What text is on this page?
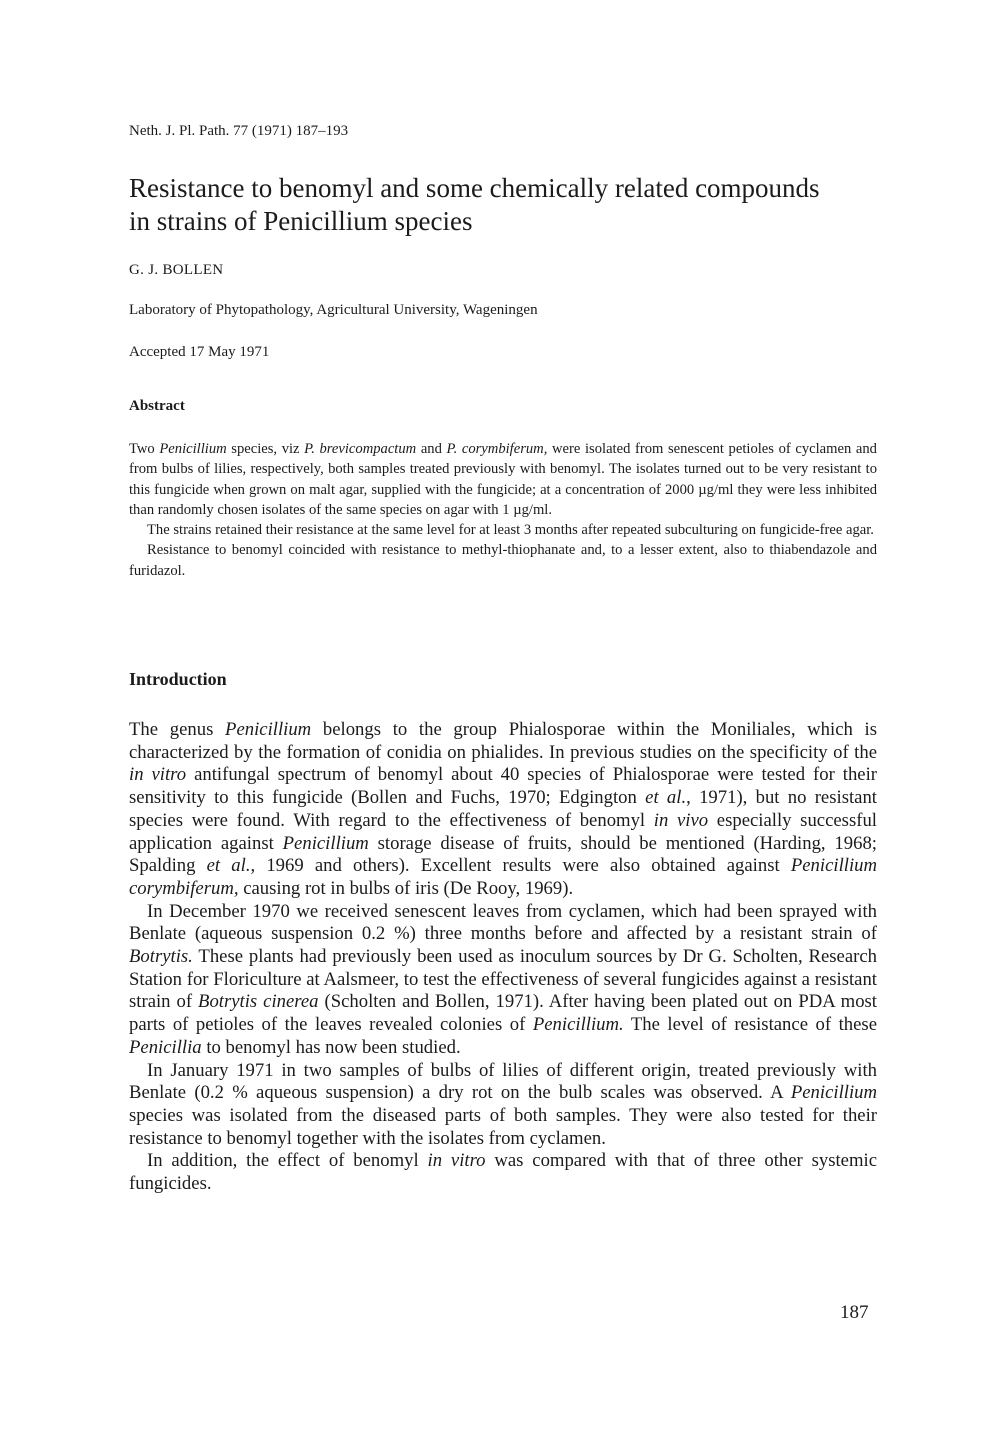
Neth. J. Pl. Path. 77 (1971) 187–193
Resistance to benomyl and some chemically related compounds
in strains of Penicillium species
G. J. BOLLEN
Laboratory of Phytopathology, Agricultural University, Wageningen
Accepted 17 May 1971
Abstract

Two Penicillium species, viz P. brevicompactum and P. corymbiferum, were isolated from senescent petioles of cyclamen and from bulbs of lilies, respectively, both samples treated previously with benomyl. The isolates turned out to be very resistant to this fungicide when grown on malt agar, supplied with the fungicide; at a concentration of 2000 µg/ml they were less inhibited than randomly chosen isolates of the same species on agar with 1 µg/ml.

The strains retained their resistance at the same level for at least 3 months after repeated subculturing on fungicide-free agar.

Resistance to benomyl coincided with resistance to methyl-thiophanate and, to a lesser extent, also to thiabendazole and furidazol.

Introduction

The genus Penicillium belongs to the group Phialosporae within the Moniliales, which is characterized by the formation of conidia on phialides. In previous studies on the specificity of the in vitro antifungal spectrum of benomyl about 40 species of Phialosporae were tested for their sensitivity to this fungicide (Bollen and Fuchs, 1970; Edgington et al., 1971), but no resistant species were found. With regard to the effectiveness of benomyl in vivo especially successful application against Penicillium storage disease of fruits, should be mentioned (Harding, 1968; Spalding et al., 1969 and others). Excellent results were also obtained against Penicillium corymbiferum, causing rot in bulbs of iris (De Rooy, 1969).

In December 1970 we received senescent leaves from cyclamen, which had been sprayed with Benlate (aqueous suspension 0.2 %) three months before and affected by a resistant strain of Botrytis. These plants had previously been used as inoculum sources by Dr G. Scholten, Research Station for Floriculture at Aalsmeer, to test the effectiveness of several fungicides against a resistant strain of Botrytis cinerea (Scholten and Bollen, 1971). After having been plated out on PDA most parts of petioles of the leaves revealed colonies of Penicillium. The level of resistance of these Penicillia to benomyl has now been studied.

In January 1971 in two samples of bulbs of lilies of different origin, treated previously with Benlate (0.2 % aqueous suspension) a dry rot on the bulb scales was observed. A Penicillium species was isolated from the diseased parts of both samples. They were also tested for their resistance to benomyl together with the isolates from cyclamen.

In addition, the effect of benomyl in vitro was compared with that of three other systemic fungicides.

187
